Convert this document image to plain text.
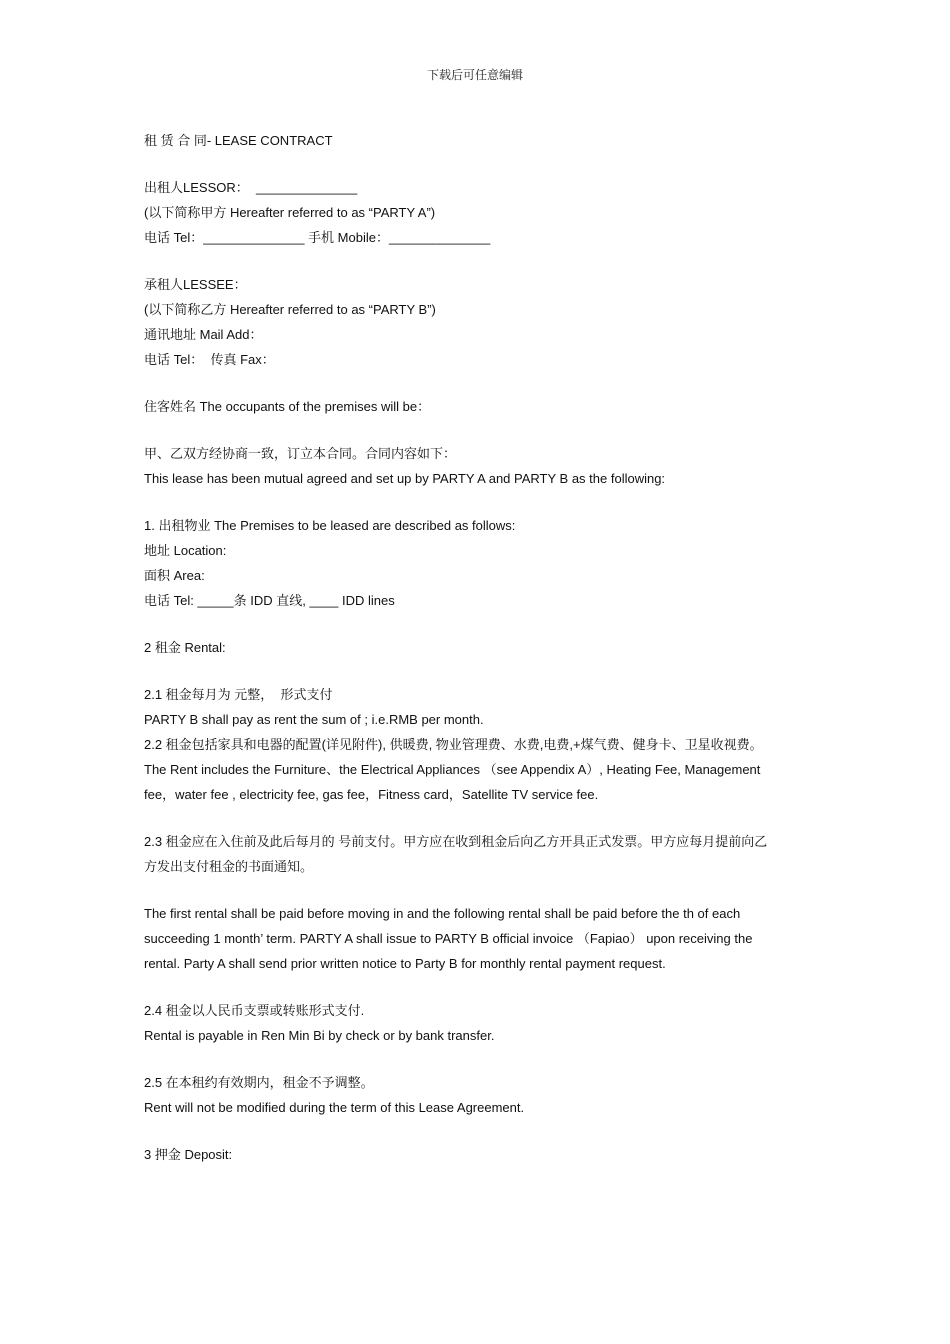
下载后可任意编辑
租 赁 合 同- LEASE CONTRACT
出租人LESSOR：  ______________
(以下简称甲方 Hereafter referred to as “PARTY A”)
电话 Tel：______________ 手机 Mobile：______________
承租人LESSEE：
(以下简称乙方 Hereafter referred to as “PARTY B”)
通讯地址 Mail Add：
电话 Tel：  传真 Fax：
住客姓名 The occupants of the premises will be：
甲、乙双方经协商一致，订立本合同。合同内容如下：
This lease has been mutual agreed and set up by PARTY A and PARTY B as the following:
1. 出租物业 The Premises to be leased are described as follows:
地址 Location:
面积 Area:
电话 Tel: _____条 IDD 直线, ____ IDD lines
2 租金 Rental:
2.1 租金每月为 元整，  形式支付
PARTY B shall pay as rent the sum of ; i.e.RMB per month.
2.2 租金包括家具和电器的配置(详见附件), 供暖费, 物业管理费、水费,电费,+煤气费、健身卡、卫星收视费。
The Rent includes the Furniture、the Electrical Appliances （see Appendix A）, Heating Fee, Management
fee，water fee , electricity fee, gas fee，Fitness card，Satellite TV service fee.
2.3 租金应在入住前及此后每月的 号前支付。甲方应在收到租金后向乙方开具正式发票。甲方应每月提前向乙
方发出支付租金的书面通知。
The first rental shall be paid before moving in and the following rental shall be paid before the th of each
succeeding 1 month’ term. PARTY A shall issue to PARTY B official invoice （Fapiao） upon receiving the
rental. Party A shall send prior written notice to Party B for monthly rental payment request.
2.4 租金以人民币支票或转账形式支付.
Rental is payable in Ren Min Bi by check or by bank transfer.
2.5 在本租约有效期内，租金不予调整。
Rent will not be modified during the term of this Lease Agreement.
3 押金 Deposit:
